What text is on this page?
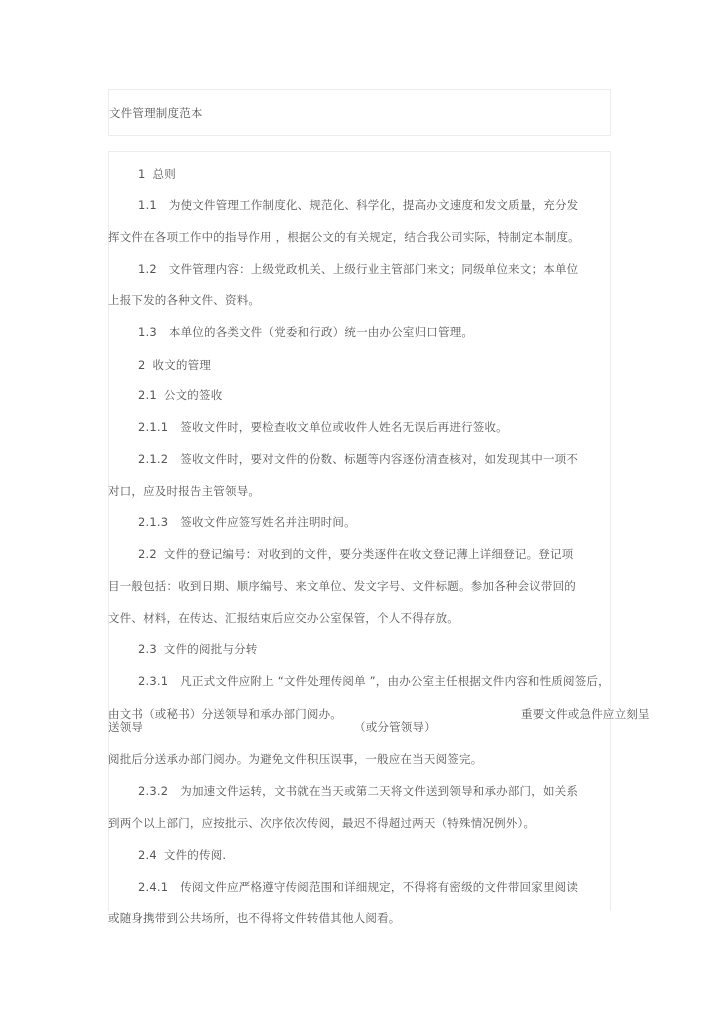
文件管理制度范本
1 总则
1.1 为使文件管理工作制度化、规范化、科学化，提高办文速度和发文质量，充分发
挥文件在各项工作中的指导作用 ，根据公文的有关规定，结合我公司实际，特制定本制度。
1.2 文件管理内容：上级党政机关、上级行业主管部门来文；同级单位来文；本单位
上报下发的各种文件、资料。
1.3 本单位的各类文件（党委和行政）统一由办公室归口管理。
2 收文的管理
2.1 公文的签收
2.1.1 签收文件时，要检查收文单位或收件人姓名无误后再进行签收。
2.1.2 签收文件时，要对文件的份数、标题等内容逐份清查核对，如发现其中一项不
对口，应及时报告主管领导。
2.1.3 签收文件应签写姓名并注明时间。
2.2 文件的登记编号：对收到的文件，要分类逐件在收文登记薄上详细登记。登记项
目一般包括：收到日期、顺序编号、来文单位、发文字号、文件标题。参加各种会议带回的
文件、材料，在传达、汇报结束后应交办公室保管，个人不得存放。
2.3 文件的阅批与分转
2.3.1 凡正式文件应附上 “文件处理传阅单 ”，由办公室主任根据文件内容和性质阅签后，
由文书（或秘书）分送领导和承办部门阅办。	重要文件或急件应立刻呈
送领导	（或分管领导）
阅批后分送承办部门阅办。为避免文件积压误事，一般应在当天阅签完。
2.3.2 为加速文件运转，文书就在当天或第二天将文件送到领导和承办部门，如关系
到两个以上部门，应按批示、次序依次传阅，最迟不得超过两天（特殊情况例外）。
2.4 文件的传阅.
2.4.1 传阅文件应严格遵守传阅范围和详细规定，不得将有密级的文件带回家里阅读
或随身携带到公共场所，也不得将文件转借其他人阅看。
